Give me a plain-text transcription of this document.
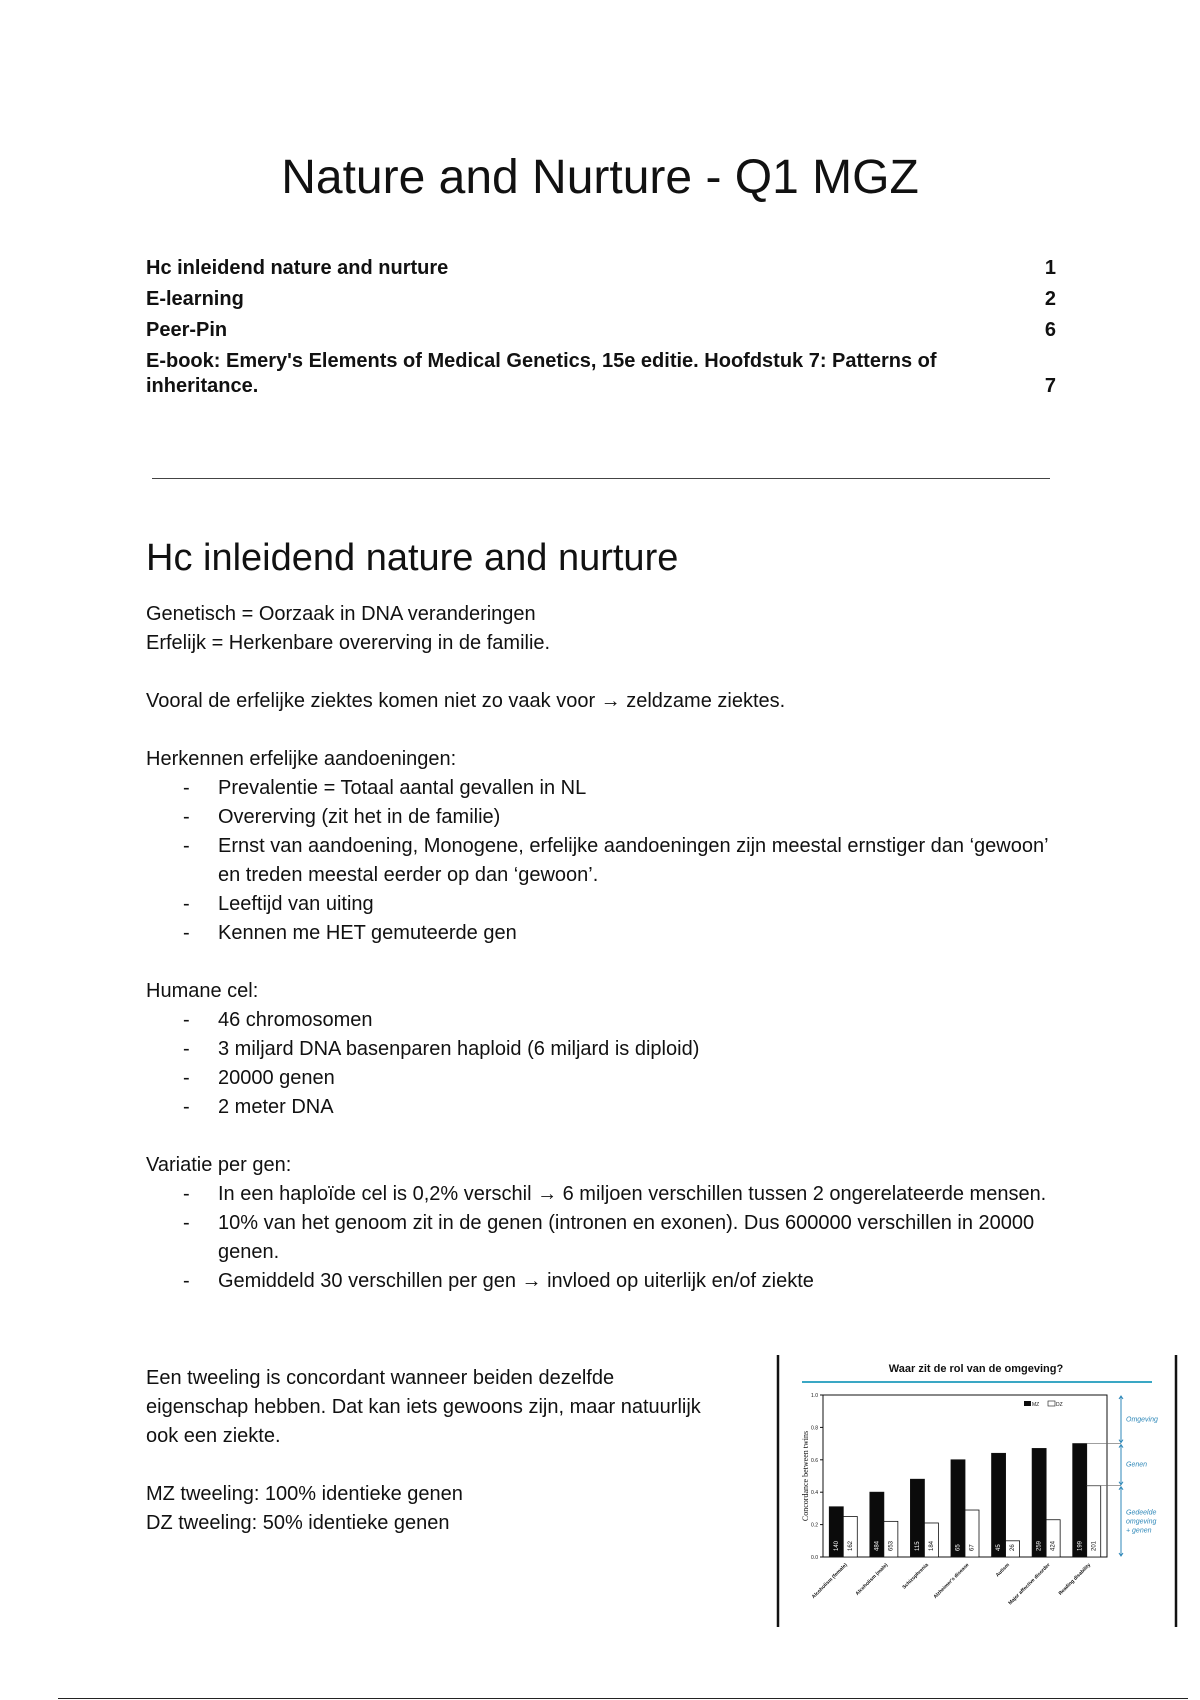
Nature and Nurture - Q1 MGZ
Hc inleidend nature and nurture	1
E-learning	2
Peer-Pin	6
E-book: Emery's Elements of Medical Genetics, 15e editie. Hoofdstuk 7: Patterns of inheritance.	7
Hc inleidend nature and nurture

Genetisch = Oorzaak in DNA veranderingen

Erfelijk = Herkenbare overerving in de familie.

Vooral de erfelijke ziektes komen niet zo vaak voor → zeldzame ziektes.

Herkennen erfelijke aandoeningen:

- Prevalentie = Totaal aantal gevallen in NL
- Overerving (zit het in de familie)
- Ernst van aandoening, Monogene, erfelijke aandoeningen zijn meestal ernstiger dan ‘gewoon’ en treden meestal eerder op dan ‘gewoon’.
- Leeftijd van uiting
- Kennen me HET gemuteerde gen

Humane cel:

- 46 chromosomen
- 3 miljard DNA basenparen haploid (6 miljard is diploid)
- 20000 genen
- 2 meter DNA

Variatie per gen:

- In een haploïde cel is 0,2% verschil → 6 miljoen verschillen tussen 2 ongerelateerde mensen.
- 10% van het genoom zit in de genen (intronen en exonen). Dus 600000 verschillen in 20000 genen.
- Gemiddeld 30 verschillen per gen → invloed op uiterlijk en/of ziekte

Een tweeling is concordant wanneer beiden dezelfde eigenschap hebben. Dat kan iets gewoons zijn, maar natuurlijk ook een ziekte.

MZ tweeling: 100% identieke genen

DZ tweeling: 50% identieke genen

Waar zit de rol van de omgeving?
0.0
0.2
0.4
0.6
0.8
1.0
Concordance between twins
140 162
Alcoholism (female)
484 653
Alcoholism (male)
115 184
Schizophrenia
65 67
Alzheimer's disease
45 26
Autism
259 424
Major affective disorder
199 201
Reading disability
MZ	DZ
Omgeving
Genen
Gedeelde
omgeving
+ genen
